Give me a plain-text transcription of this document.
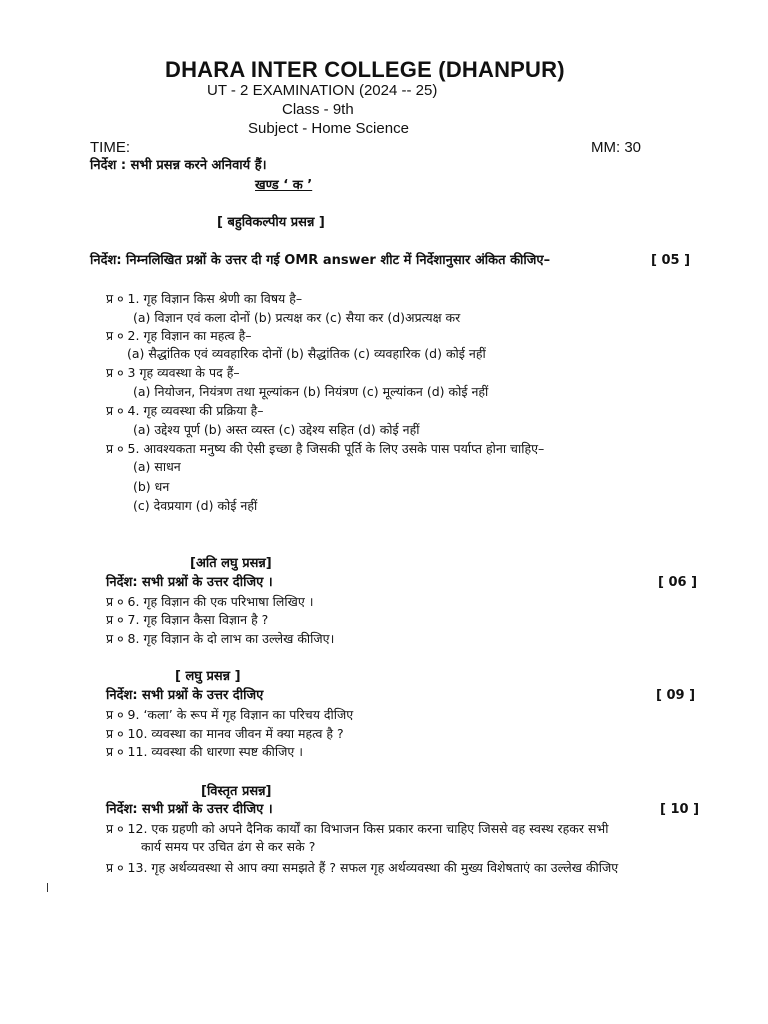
DHARA INTER COLLEGE (DHANPUR)
UT - 2 EXAMINATION (2024 -- 25)
Class - 9th
Subject - Home Science
TIME:	MM: 30
निर्देश : सभी प्रसन्न करने अनिवार्य हैं।
खण्ड ‘ क ’
[ बहुविकल्पीय प्रसन्न ]
निर्देश: निम्नलिखित प्रश्नों के उत्तर दी गई OMR answer शीट में निर्देशानुसार अंकित कीजिए–	[ 05 ]
प्र ० 1. गृह विज्ञान किस श्रेणी का विषय है–
(a) विज्ञान एवं कला दोनों (b) प्रत्यक्ष कर (c) सैया कर (d)अप्रत्यक्ष कर
प्र ० 2. गृह विज्ञान का महत्व है–
(a) सैद्धांतिक एवं व्यवहारिक दोनों (b) सैद्धांतिक (c) व्यवहारिक (d) कोई नहीं
प्र ० 3 गृह व्यवस्था के पद हैं–
(a) नियोजन, नियंत्रण तथा मूल्यांकन (b) नियंत्रण (c) मूल्यांकन (d) कोई नहीं
प्र ० 4. गृह व्यवस्था की प्रक्रिया है–
(a) उद्देश्य पूर्ण (b) अस्त व्यस्त (c) उद्देश्य सहित (d) कोई नहीं
प्र ० 5. आवश्यकता मनुष्य की ऐसी इच्छा है जिसकी पूर्ति के लिए उसके पास पर्याप्त होना चाहिए–
(a) साधन
(b) धन
(c) देवप्रयाग (d) कोई नहीं
[अति लघु प्रसन्न]
निर्देश: सभी प्रश्नों के उत्तर दीजिए ।	[ 06 ]
प्र ० 6. गृह विज्ञान की एक परिभाषा लिखिए ।
प्र ० 7. गृह विज्ञान कैसा विज्ञान है ?
प्र ० 8. गृह विज्ञान के दो लाभ का उल्लेख कीजिए।
[ लघु प्रसन्न ]
निर्देश: सभी प्रश्नों के उत्तर दीजिए	[ 09 ]
प्र ० 9. ‘कला’ के रूप में गृह विज्ञान का परिचय दीजिए
प्र ० 10. व्यवस्था का मानव जीवन में क्या महत्व है ?
प्र ० 11. व्यवस्था की धारणा स्पष्ट कीजिए ।
[विस्तृत प्रसन्न]
निर्देश: सभी प्रश्नों के उत्तर दीजिए ।	[ 10 ]
प्र ० 12. एक ग्रहणी को अपने दैनिक कार्यों का विभाजन किस प्रकार करना चाहिए जिससे वह स्वस्थ रहकर सभी
कार्य समय पर उचित ढंग से कर सके ?
प्र ० 13. गृह अर्थव्यवस्था से आप क्या समझते हैं ? सफल गृह अर्थव्यवस्था की मुख्य विशेषताएं का उल्लेख कीजिए
